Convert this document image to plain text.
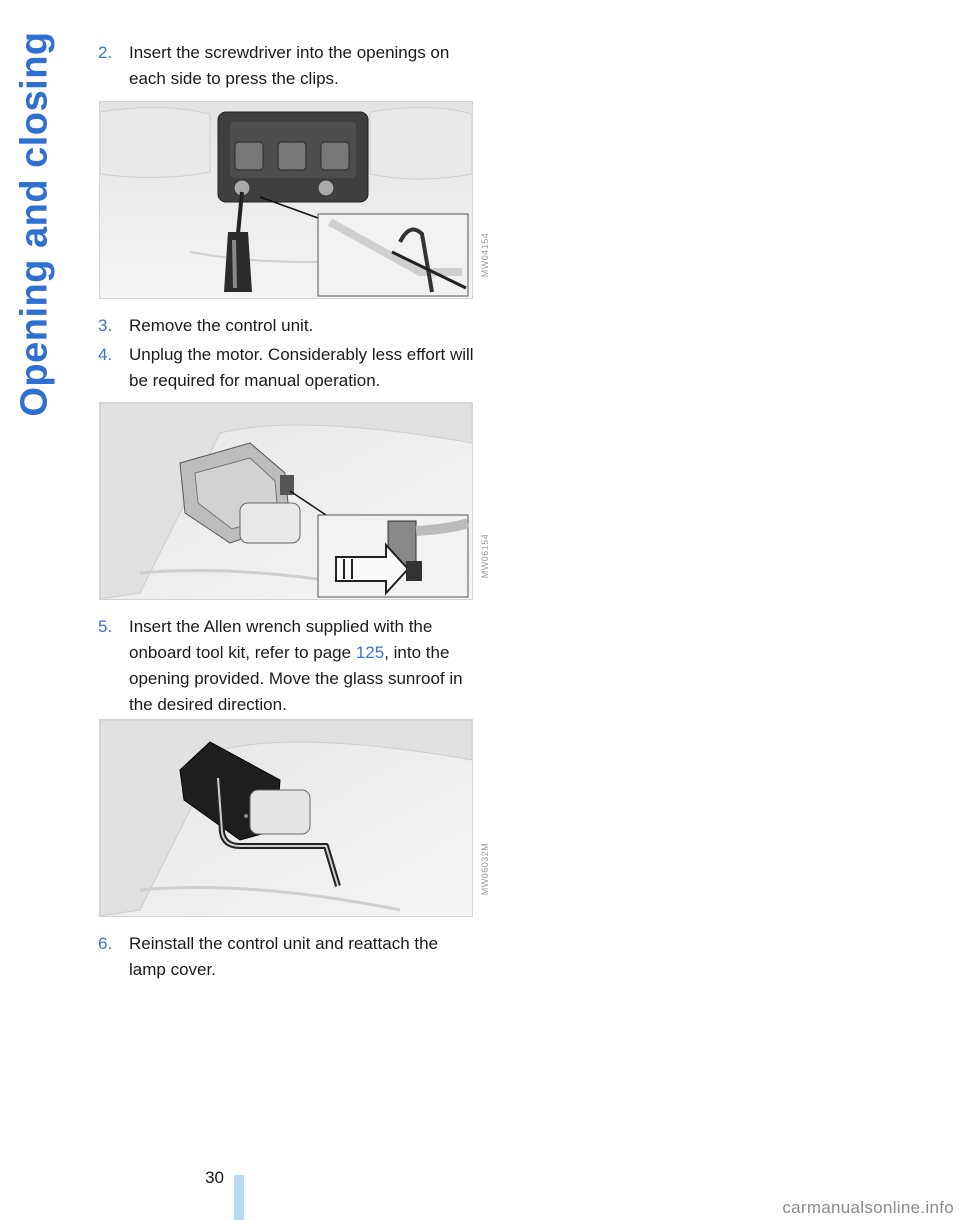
Opening and closing	2. Insert the screwdriver into the openings on each side to press the clips.
MW04154
3. Remove the control unit.
4. Unplug the motor. Considerably less effort will be required for manual operation.
MW06154
5. Insert the Allen wrench supplied with the onboard tool kit, refer to page 125, into the opening provided. Move the glass sunroof in the desired direction.
MW06032M
6. Reinstall the control unit and reattach the lamp cover.
30
carmanualsonline.info
